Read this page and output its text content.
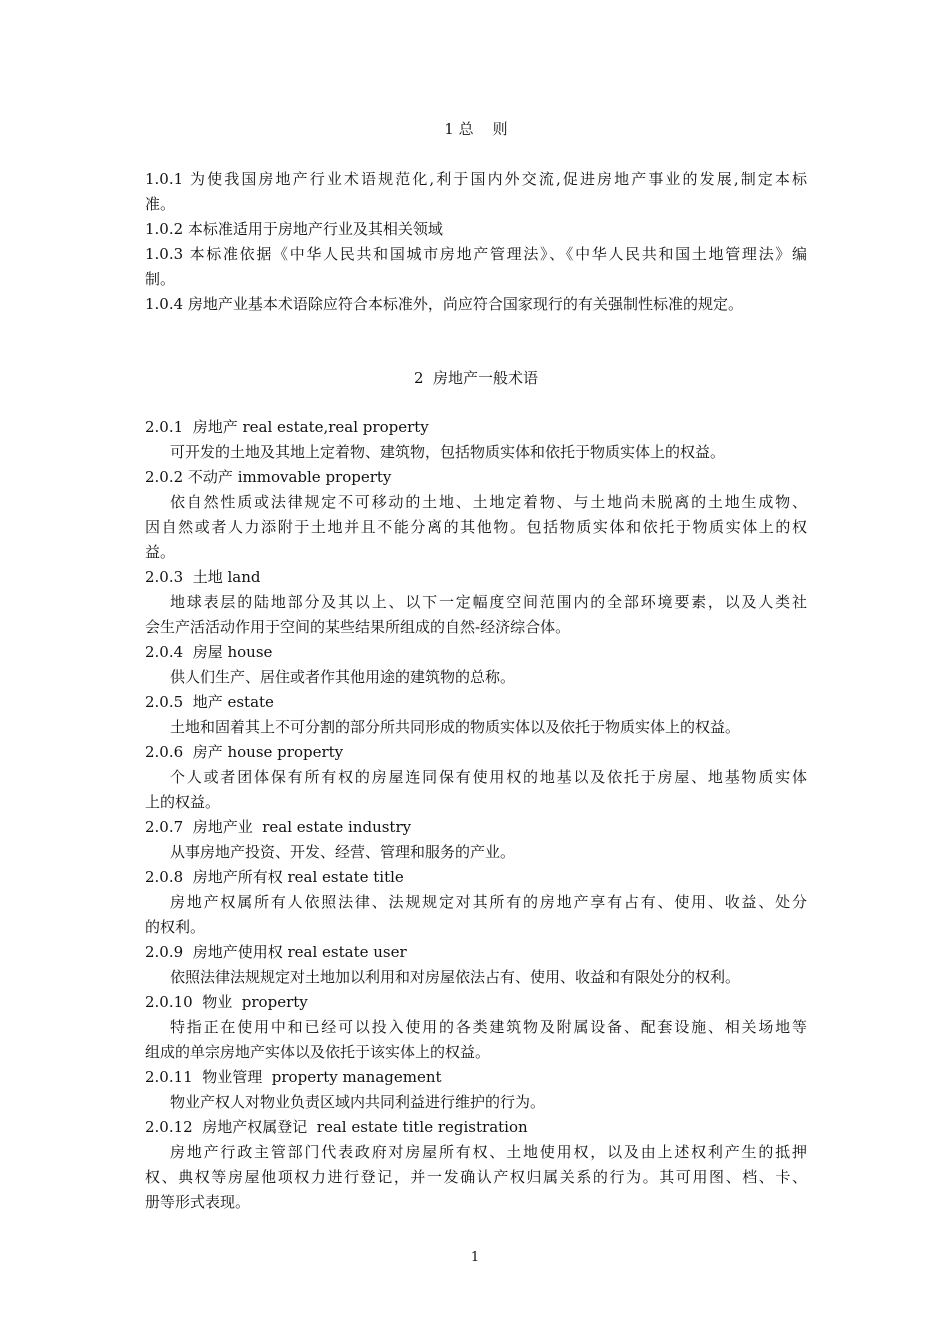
1 总    则
1.0.1 为使我国房地产行业术语规范化,利于国内外交流,促进房地产事业的发展,制定本标
准。
1.0.2 本标准适用于房地产行业及其相关领域
1.0.3 本标准依据《中华人民共和国城市房地产管理法》、《中华人民共和国土地管理法》编
制。
1.0.4 房地产业基本术语除应符合本标准外，尚应符合国家现行的有关强制性标准的规定。
2  房地产一般术语
2.0.1  房地产 real estate,real property
可开发的土地及其地上定着物、建筑物，包括物质实体和依托于物质实体上的权益。
2.0.2 不动产 immovable property
依自然性质或法律规定不可移动的土地、土地定着物、与土地尚未脱离的土地生成物、
因自然或者人力添附于土地并且不能分离的其他物。包括物质实体和依托于物质实体上的权
益。
2.0.3  土地 land
地球表层的陆地部分及其以上、以下一定幅度空间范围内的全部环境要素，以及人类社
会生产活活动作用于空间的某些结果所组成的自然-经济综合体。
2.0.4  房屋 house
供人们生产、居住或者作其他用途的建筑物的总称。
2.0.5  地产 estate
土地和固着其上不可分割的部分所共同形成的物质实体以及依托于物质实体上的权益。
2.0.6  房产 house property
个人或者团体保有所有权的房屋连同保有使用权的地基以及依托于房屋、地基物质实体
上的权益。
2.0.7  房地产业  real estate industry
从事房地产投资、开发、经营、管理和服务的产业。
2.0.8  房地产所有权 real estate title
房地产权属所有人依照法律、法规规定对其所有的房地产享有占有、使用、收益、处分
的权利。
2.0.9  房地产使用权 real estate user
依照法律法规规定对土地加以利用和对房屋依法占有、使用、收益和有限处分的权利。
2.0.10  物业  property
特指正在使用中和已经可以投入使用的各类建筑物及附属设备、配套设施、相关场地等
组成的单宗房地产实体以及依托于该实体上的权益。
2.0.11  物业管理  property management
物业产权人对物业负责区域内共同利益进行维护的行为。
2.0.12  房地产权属登记  real estate title registration
房地产行政主管部门代表政府对房屋所有权、土地使用权，以及由上述权利产生的抵押
权、典权等房屋他项权力进行登记，并一发确认产权归属关系的行为。其可用图、档、卡、
册等形式表现。
1
